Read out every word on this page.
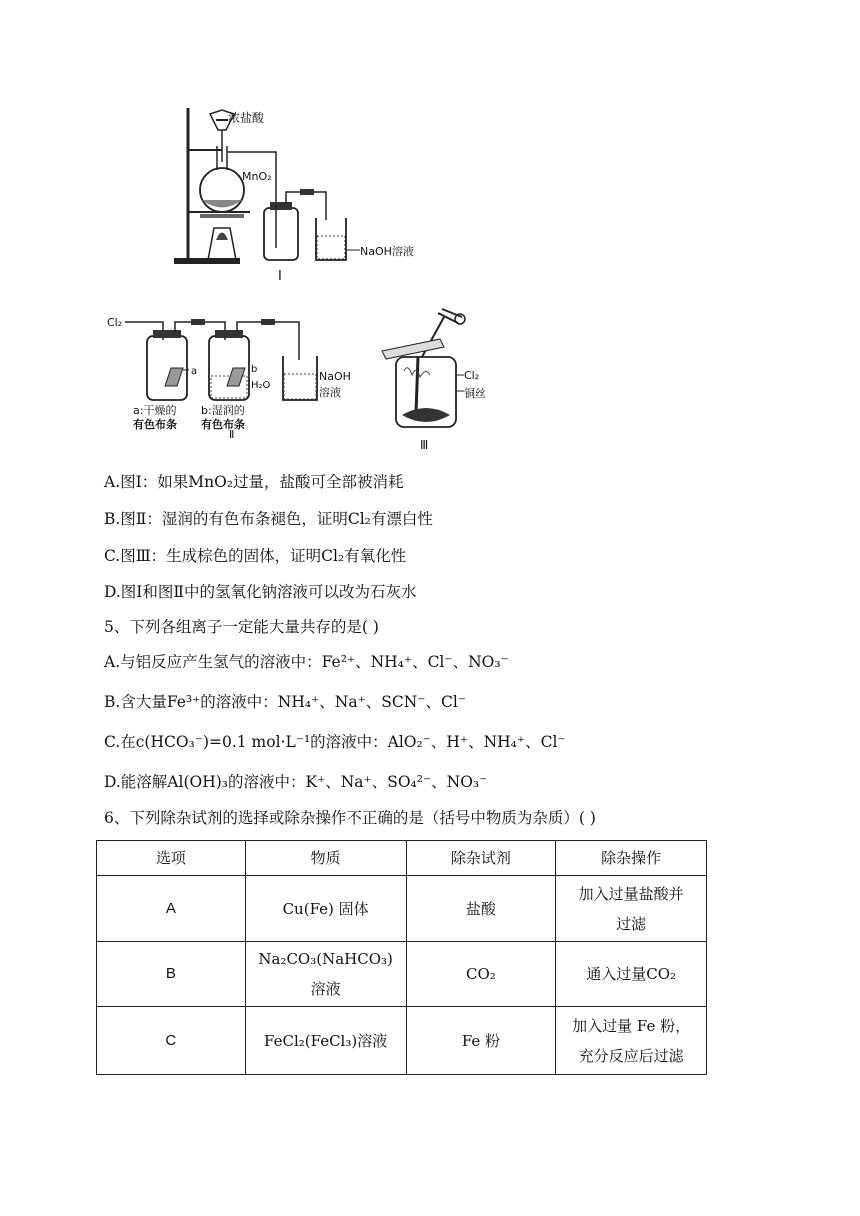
浓盐酸
MnO₂
NaOH溶液
Ⅰ
Cl₂
a	b
H₂O
NaOH
溶液
a:干燥的
有色布条
b:湿润的
有色布条
Ⅱ
Cl₂
铜丝
Ⅲ
A.图Ⅰ：如果MnO₂过量，盐酸可全部被消耗
B.图Ⅱ：湿润的有色布条褪色，证明Cl₂有漂白性
C.图Ⅲ：生成棕色的固体，证明Cl₂有氧化性
D.图Ⅰ和图Ⅱ中的氢氧化钠溶液可以改为石灰水
5、下列各组离子一定能大量共存的是( )
A.与铝反应产生氢气的溶液中：Fe²⁺、NH₄⁺、Cl⁻、NO₃⁻
B.含大量Fe³⁺的溶液中：NH₄⁺、Na⁺、SCN⁻、Cl⁻
C.在c(HCO₃⁻)=0.1 mol·L⁻¹的溶液中：AlO₂⁻、H⁺、NH₄⁺、Cl⁻
D.能溶解Al(OH)₃的溶液中：K⁺、Na⁺、SO₄²⁻、NO₃⁻
6、下列除杂试剂的选择或除杂操作不正确的是（括号中物质为杂质）( )
选项	物质	除杂试剂	除杂操作
A	Cu(Fe) 固体	盐酸	加入过量盐酸并
过滤

B	Na₂CO₃(NaHCO₃)
溶液	CO₂	通入过量CO₂
C	FeCl₂(FeCl₃)溶液	Fe 粉	加入过量 Fe 粉，
充分反应后过滤
